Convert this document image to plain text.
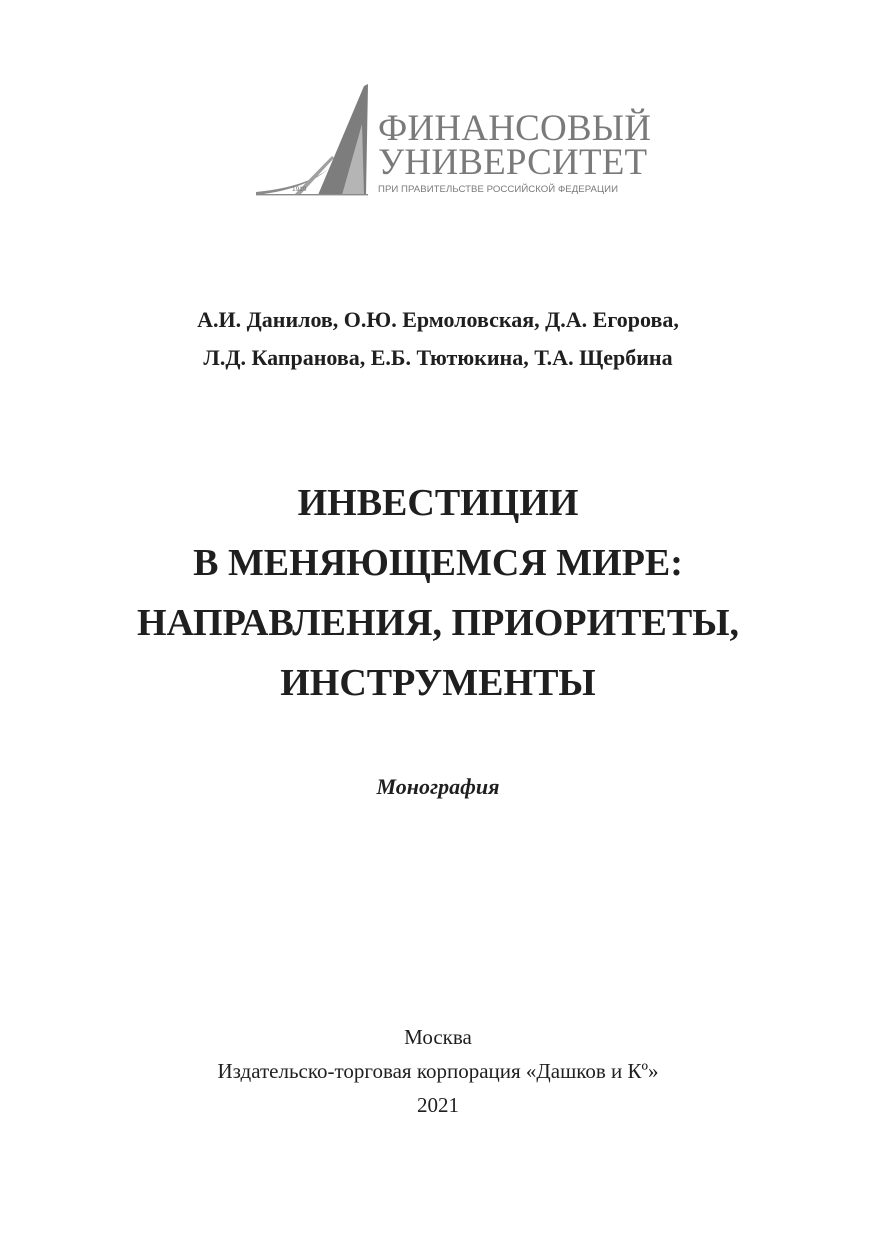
1919
ФИНАНСОВЫЙ
УНИВЕРСИТЕТ
ПРИ ПРАВИТЕЛЬСТВЕ РОССИЙСКОЙ ФЕДЕРАЦИИ
А.И. Данилов, О.Ю. Ермоловская, Д.А. Егорова,
Л.Д. Капранова, Е.Б. Тютюкина, Т.А. Щербина
ИНВЕСТИЦИИ
В МЕНЯЮЩЕМСЯ МИРЕ:
НАПРАВЛЕНИЯ, ПРИОРИТЕТЫ,
ИНСТРУМЕНТЫ
Монография
Москва
Издательско-торговая корпорация «Дашков и Кº»
2021
